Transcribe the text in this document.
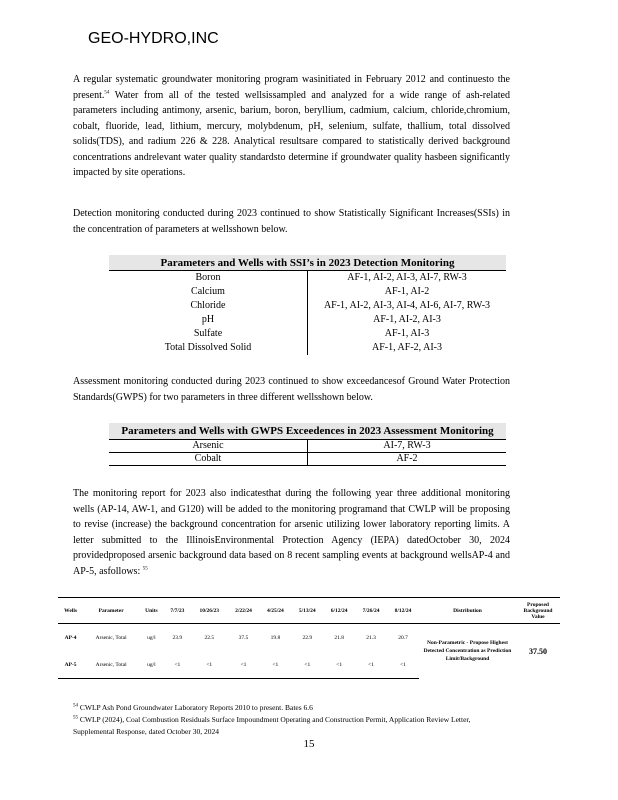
GEO-HYDRO,INC
A regular systematic groundwater monitoring program wasinitiated in February 2012 and continuesto the present.$^{54}$ Water from all of the tested wellsissampled and analyzed for a wide range of ash-related parameters including antimony, arsenic, barium, boron, beryllium, cadmium, calcium, chloride,chromium, cobalt, fluoride, lead, lithium, mercury, molybdenum, pH, selenium, sulfate, thallium, total dissolved solids(TDS), and radium 226 & 228. Analytical resultsare compared to statistically derived background concentrations andrelevant water quality standardsto determine if groundwater quality hasbeen significantly impacted by site operations.
Detection monitoring conducted during 2023 continued to show Statistically Significant Increases(SSIs) in the concentration of parameters at wellsshown below.
Parameters and Wells with SSI’s in 2023 Detection Monitoring	
Boron	AF-1, AI-2, AI-3, AI-7, RW-3
Calcium	AF-1, AI-2
Chloride	AF-1, AI-2, AI-3, AI-4, AI-6, AI-7, RW-3
pH	AF-1, AI-2, AI-3
Sulfate	AF-1, AI-3
Total Dissolved Solid	AF-1, AF-2, AI-3
Assessment monitoring conducted during 2023 continued to show exceedancesof Ground Water Protection Standards(GWPS) for two parameters in three different wellsshown below.
Parameters and Wells with GWPS Exceedences in 2023 Assessment Monitoring	
Arsenic	AI-7, RW-3
Cobalt	AF-2
The monitoring report for 2023 also indicatesthat during the following year three additional monitoring wells (AP-14, AW-1, and G120) will be added to the monitoring programand that CWLP will be proposing to revise (increase) the background concentration for arsenic utilizing lower laboratory reporting limits. A letter submitted to the IllinoisEnvironmental Protection Agency (IEPA) datedOctober 30, 2024 providedproposed arsenic background data based on 8 recent sampling events at background wellsAP-4 and AP-5, asfollows: $^{55}$
Wells	Parameter	Units	7/7/23	10/26/23	2/22/24	4/25/24	5/13/24	6/12/24	7/26/24	8/12/24	Distribution	Proposed Background Value
AP-4	Arsenic, Total	ug/l	23.9	22.5	37.5	19.8	22.9	21.8	21.3	20.7	Non-Parametric - Propose Highest Detected Concentration as Prediction Limit/Background	37.50
AP-5	Arsenic, Total	ug/l	<1	<1	<1	<1	<1	<1	<1	<1		
$^{54}$ CWLP Ash Pond Groundwater Laboratory Reports 2010 to present. Bates 6.6
$^{55}$ CWLP (2024), Coal Combustion Residuals Surface Impoundment Operating and Construction Permit, Application Review Letter, Supplemental Response, dated October 30, 2024
15
